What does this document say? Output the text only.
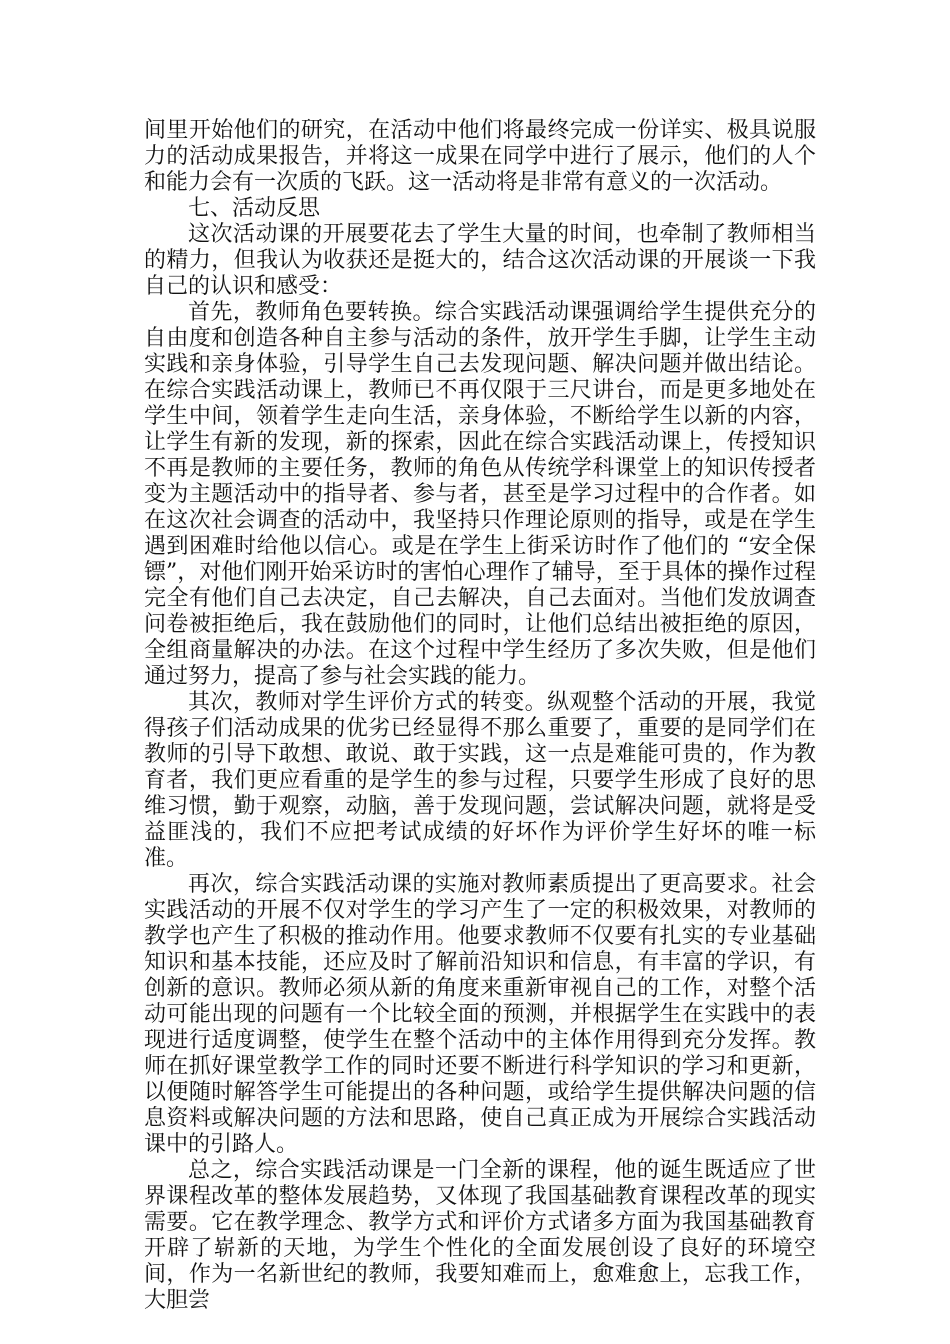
间里开始他们的研究，在活动中他们将最终完成一份详实、极具说服力的活动成果报告，并将这一成果在同学中进行了展示，他们的人个和能力会有一次质的飞跃。这一活动将是非常有意义的一次活动。

七、活动反思

这次活动课的开展要花去了学生大量的时间，也牵制了教师相当的精力，但我认为收获还是挺大的，结合这次活动课的开展谈一下我自己的认识和感受：

首先，教师角色要转换。综合实践活动课强调给学生提供充分的自由度和创造各种自主参与活动的条件，放开学生手脚，让学生主动实践和亲身体验，引导学生自己去发现问题、解决问题并做出结论。在综合实践活动课上，教师已不再仅限于三尺讲台，而是更多地处在学生中间，领着学生走向生活，亲身体验，不断给学生以新的内容，让学生有新的发现，新的探索，因此在综合实践活动课上，传授知识不再是教师的主要任务，教师的角色从传统学科课堂上的知识传授者变为主题活动中的指导者、参与者，甚至是学习过程中的合作者。如在这次社会调查的活动中，我坚持只作理论原则的指导，或是在学生遇到困难时给他以信心。或是在学生上街采访时作了他们的 “安全保镖”，对他们刚开始采访时的害怕心理作了辅导，至于具体的操作过程完全有他们自己去决定，自己去解决，自己去面对。当他们发放调查问卷被拒绝后，我在鼓励他们的同时，让他们总结出被拒绝的原因，全组商量解决的办法。在这个过程中学生经历了多次失败，但是他们通过努力，提高了参与社会实践的能力。

其次，教师对学生评价方式的转变。纵观整个活动的开展，我觉得孩子们活动成果的优劣已经显得不那么重要了，重要的是同学们在教师的引导下敢想、敢说、敢于实践，这一点是难能可贵的，作为教育者，我们更应看重的是学生的参与过程，只要学生形成了良好的思维习惯，勤于观察，动脑，善于发现问题，尝试解决问题，就将是受益匪浅的，我们不应把考试成绩的好坏作为评价学生好坏的唯一标准。

再次，综合实践活动课的实施对教师素质提出了更高要求。社会实践活动的开展不仅对学生的学习产生了一定的积极效果，对教师的教学也产生了积极的推动作用。他要求教师不仅要有扎实的专业基础知识和基本技能，还应及时了解前沿知识和信息，有丰富的学识，有创新的意识。教师必须从新的角度来重新审视自己的工作，对整个活动可能出现的问题有一个比较全面的预测，并根据学生在实践中的表现进行适度调整，使学生在整个活动中的主体作用得到充分发挥。教师在抓好课堂教学工作的同时还要不断进行科学知识的学习和更新，以便随时解答学生可能提出的各种问题，或给学生提供解决问题的信息资料或解决问题的方法和思路，使自己真正成为开展综合实践活动课中的引路人。

总之，综合实践活动课是一门全新的课程，他的诞生既适应了世界课程改革的整体发展趋势，又体现了我国基础教育课程改革的现实需要。它在教学理念、教学方式和评价方式诸多方面为我国基础教育开辟了崭新的天地，为学生个性化的全面发展创设了良好的环境空间，作为一名新世纪的教师，我要知难而上，愈难愈上，忘我工作，大胆尝
